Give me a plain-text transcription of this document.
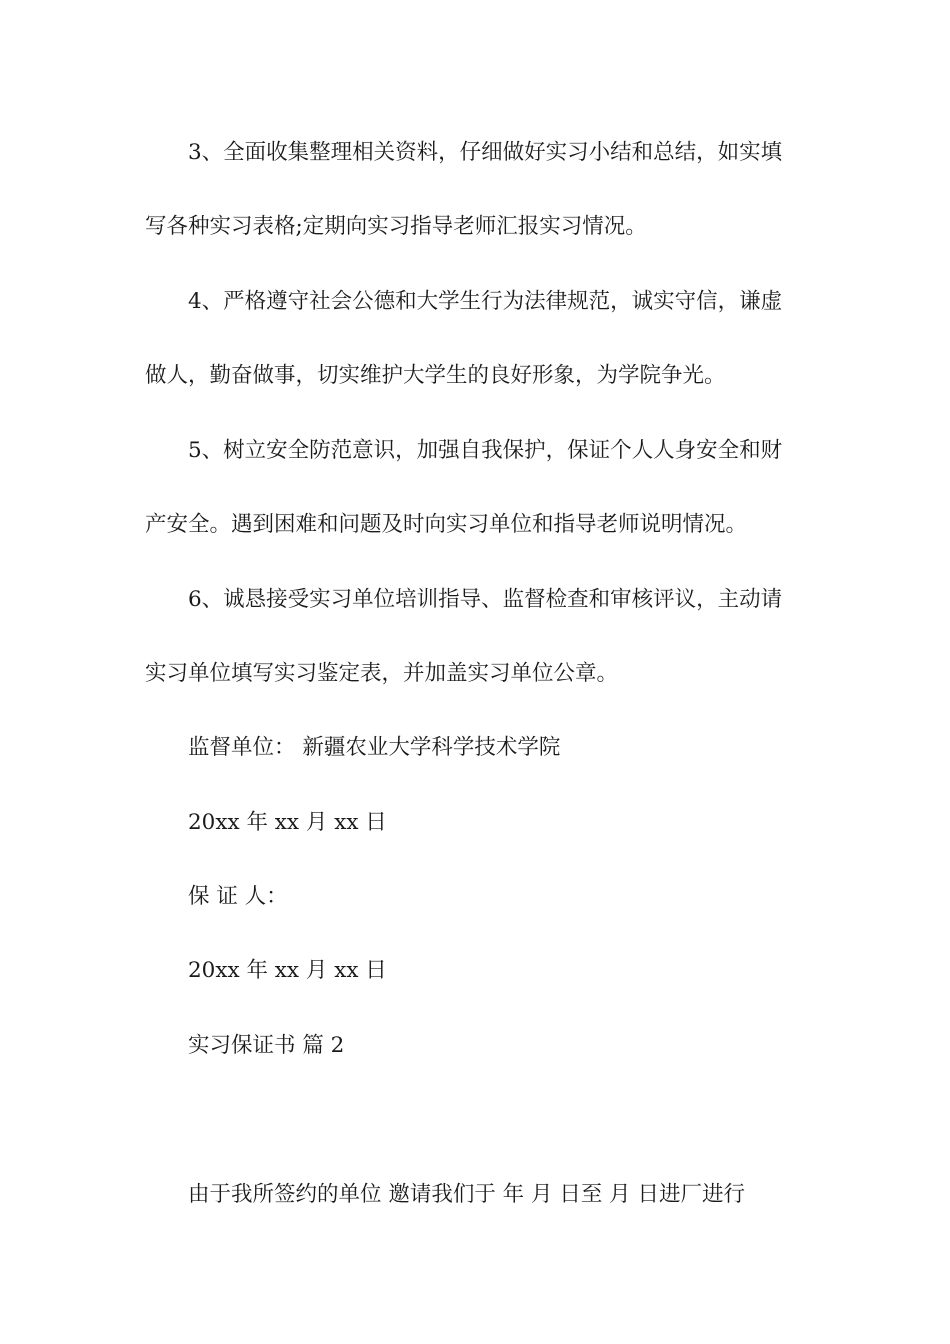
3、全面收集整理相关资料，仔细做好实习小结和总结，如实填
写各种实习表格;定期向实习指导老师汇报实习情况。
4、严格遵守社会公德和大学生行为法律规范，诚实守信，谦虚
做人，勤奋做事，切实维护大学生的良好形象，为学院争光。
5、树立安全防范意识，加强自我保护，保证个人人身安全和财
产安全。遇到困难和问题及时向实习单位和指导老师说明情况。
6、诚恳接受实习单位培训指导、监督检查和审核评议，主动请
实习单位填写实习鉴定表，并加盖实习单位公章。
监督单位： 新疆农业大学科学技术学院
20xx 年 xx 月 xx 日
保 证 人：
20xx 年 xx 月 xx 日
实习保证书 篇 2
由于我所签约的单位 邀请我们于 年 月 日至 月 日进厂进行
